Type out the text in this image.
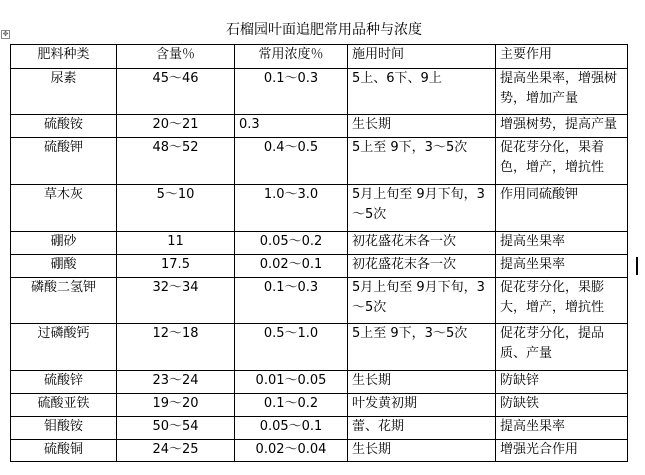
✥	石榴园叶面追肥常用品种与浓度
肥料种类	含量％	常用浓度％	施用时间	主要作用
尿素	45～46	0.1～0.3	5上、6下、9上	提高坐果率，增强树势，增加产量
硫酸铵	20～21	0.3	生长期	增强树势，提高产量
硫酸钾	48～52	0.4～0.5	5上至 9下，3～5次	促花芽分化，果着色，增产，增抗性
草木灰	5～10	1.0～3.0	5月上旬至 9月下旬，3～5次	作用同硫酸钾
硼砂	11	0.05～0.2	初花盛花末各一次	提高坐果率
硼酸	17.5	0.02～0.1	初花盛花末各一次	提高坐果率
磷酸二氢钾	32～34	0.1～0.3	5月上旬至 9月下旬，3～5次	促花芽分化，果膨大，增产，增抗性
过磷酸钙	12～18	0.5～1.0	5上至 9下，3～5次	促花芽分化，提品质、产量
硫酸锌	23～24	0.01～0.05	生长期	防缺锌
硫酸亚铁	19～20	0.1～0.2	叶发黄初期	防缺铁
钼酸铵	50～54	0.05～0.1	蕾、花期	提高坐果率
硫酸铜	24～25	0.02～0.04	生长期	增强光合作用
